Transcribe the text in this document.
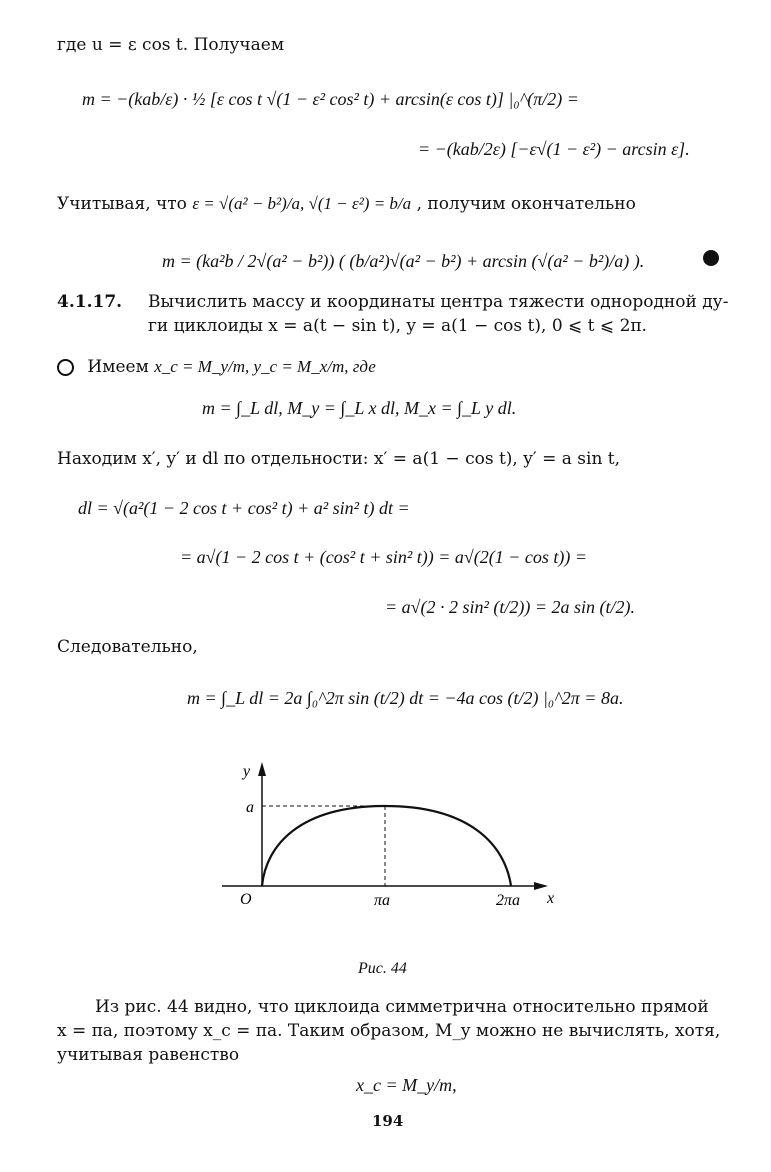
где u = ε cos t. Получаем
m = −(kab/ε) · ½ [ε cos t √(1 − ε² cos² t) + arcsin(ε cos t)] |₀^(π/2) =
= −(kab/2ε) [−ε√(1 − ε²) − arcsin ε].
Учитывая, что ε = √(a² − b²)/a, √(1 − ε²) = b/a , получим окончательно
m = (ka²b / 2√(a² − b²)) ( (b/a²)√(a² − b²) + arcsin (√(a² − b²)/a) ).
4.1.17. Вычислить массу и координаты центра тяжести однородной ду-
ги циклоиды x = a(t − sin t), y = a(1 − cos t), 0 ⩽ t ⩽ 2π.
Имеем x_c = M_y/m, y_c = M_x/m, где
m = ∫_L dl, M_y = ∫_L x dl, M_x = ∫_L y dl.
Находим x′, y′ и dl по отдельности: x′ = a(1 − cos t), y′ = a sin t,
dl = √(a²(1 − 2 cos t + cos² t) + a² sin² t) dt =
= a√(1 − 2 cos t + (cos² t + sin² t)) = a√(2(1 − cos t)) =
= a√(2 · 2 sin² (t/2)) = 2a sin (t/2).
Следовательно,
m = ∫_L dl = 2a ∫₀^2π sin (t/2) dt = −4a cos (t/2) |₀^2π = 8a.
y
a
O	πa	2πa x
Рис. 44
Из рис. 44 видно, что циклоида симметрична относительно прямой
x = πa, поэтому x_c = πa. Таким образом, M_y можно не вычислять, хотя,
учитывая равенство
x_c = M_y/m,
194
